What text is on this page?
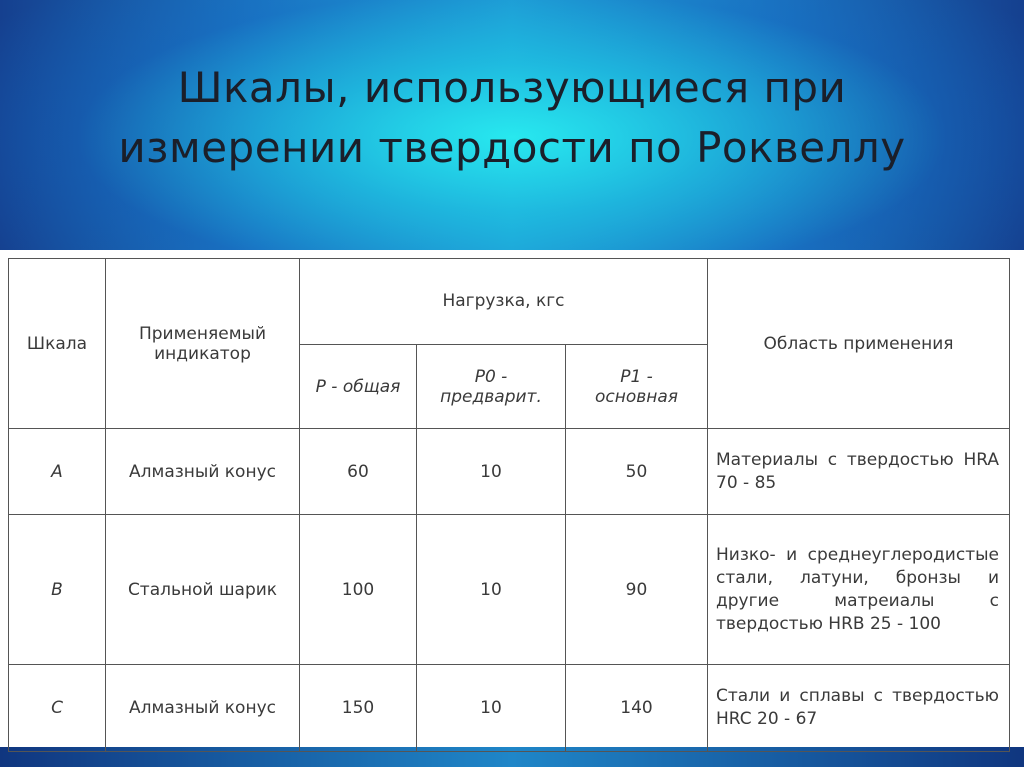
Шкалы, использующиеся при
измерении твердости по Роквеллу
Шкала	Применяемый индикатор	Нагрузка, кгс			Область применения
		P - общая	P0 - предварит.	P1 - основная	
A	Алмазный конус	60	10	50	Материалы с твердостью HRA 70 - 85
B	Стальной шарик	100	10	90	Низко- и среднеуглеродистые стали, латуни, бронзы и другие матреиалы с твердостью HRB 25 - 100
C	Алмазный конус	150	10	140	Стали и сплавы с твердостью HRC 20 - 67
